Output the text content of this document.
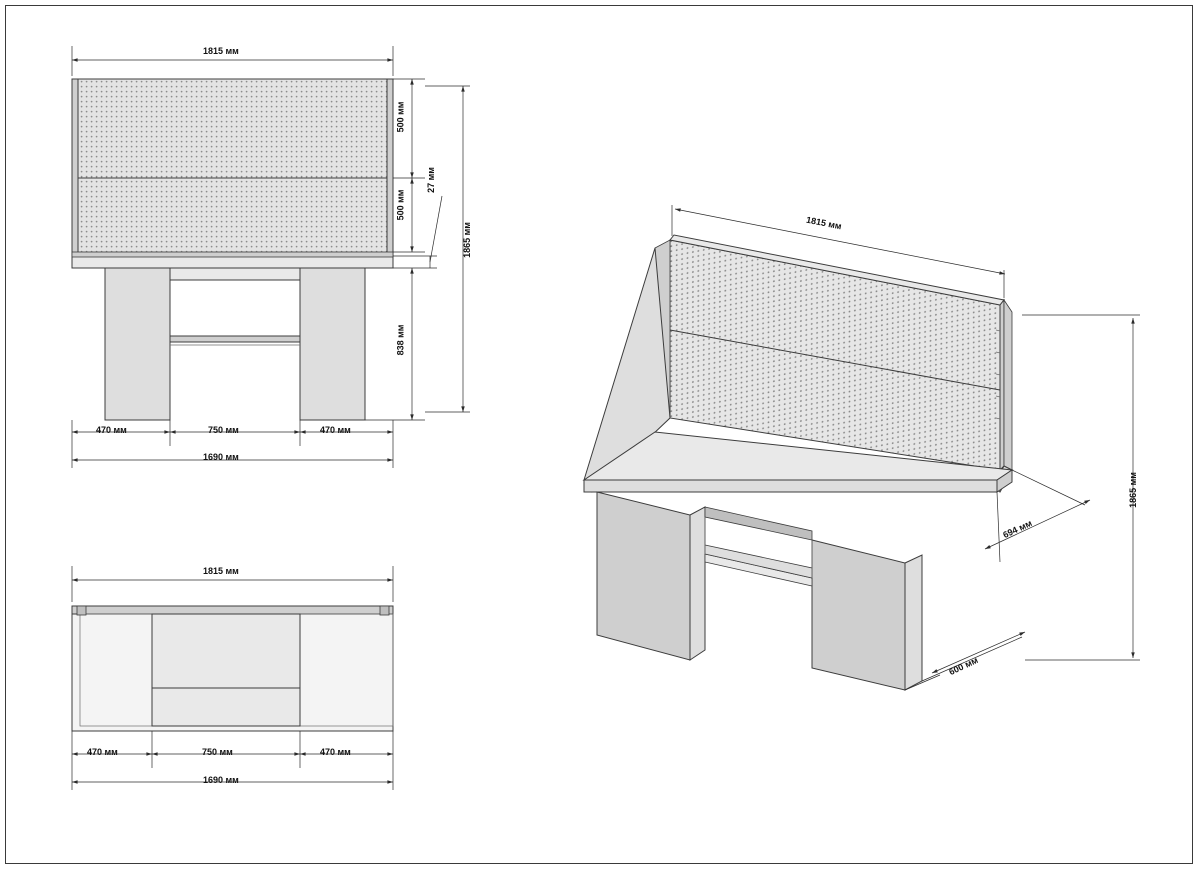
1815 мм
500 мм
500 мм
27 мм
1865 мм
838 мм
470 мм	750 мм	470 мм
1690 мм
1815 мм
470 мм	750 мм	470 мм
1690 мм
1815 мм
694 мм
600 мм
1865 мм
